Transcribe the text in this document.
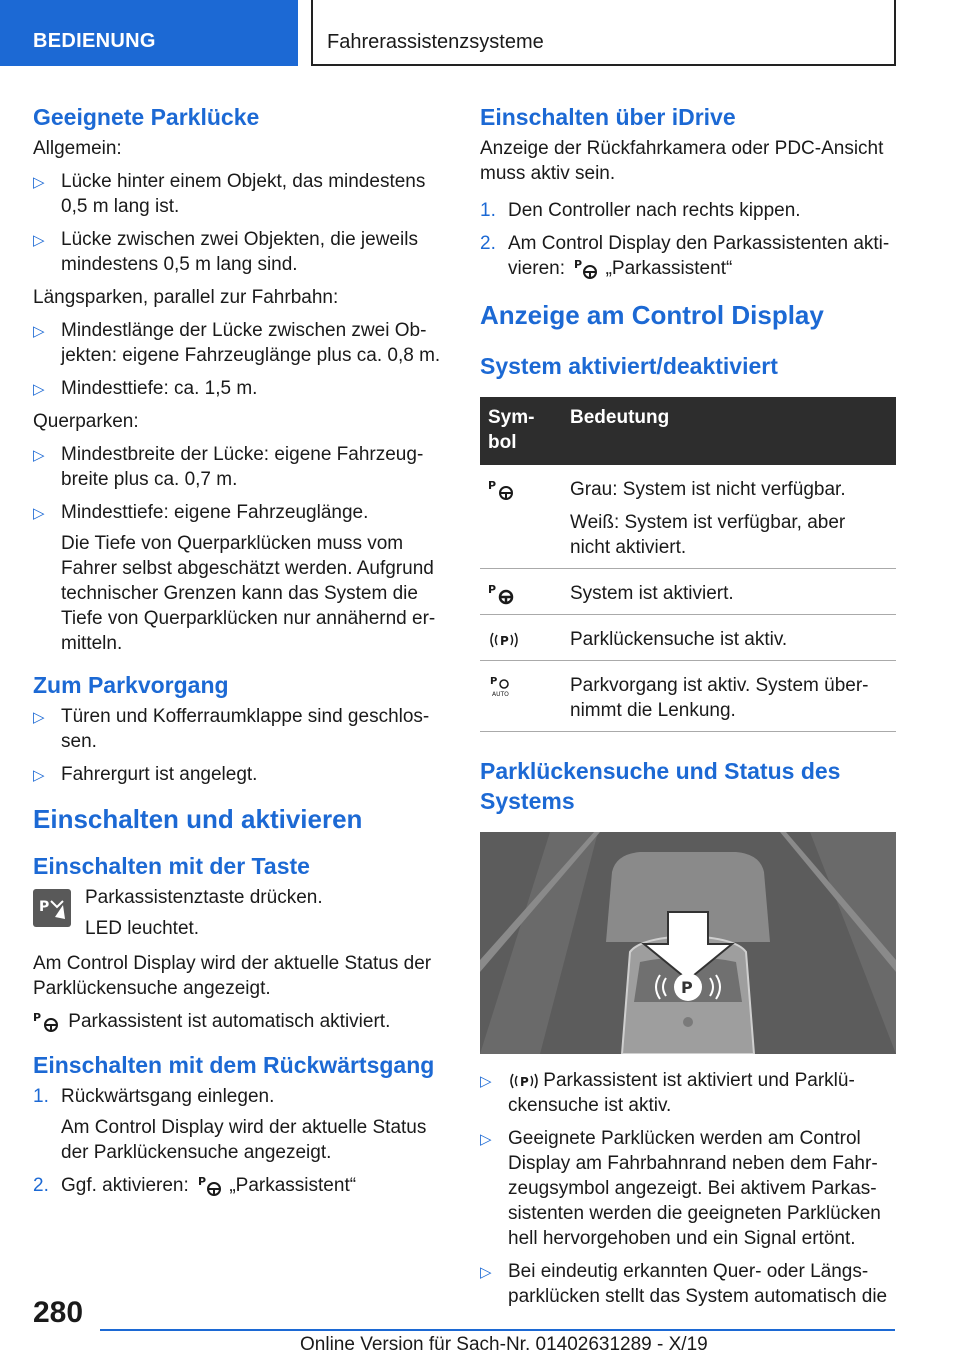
BEDIENUNG	Fahrerassistenzsysteme
Geeignete Parklücke

Allgemein:

▷ Lücke hinter einem Objekt, das mindestens 0,5 m lang ist.
▷ Lücke zwischen zwei Objekten, die jeweils mindestens 0,5 m lang sind.

Längsparken, parallel zur Fahrbahn:

▷ Mindestlänge der Lücke zwischen zwei Objekten: eigene Fahrzeuglänge plus ca. 0,8 m.
▷ Mindesttiefe: ca. 1,5 m.

Querparken:

▷ Mindestbreite der Lücke: eigene Fahrzeugbreite plus ca. 0,7 m.
▷ Mindesttiefe: eigene Fahrzeuglänge.
Die Tiefe von Querparklücken muss vom Fahrer selbst abgeschätzt werden. Aufgrund technischer Grenzen kann das System die Tiefe von Querparklücken nur annähernd ermitteln.
Zum Parkvorgang
▷ Türen und Kofferraumklappe sind geschlossen.
▷ Fahrergurt ist angelegt.
Einschalten und aktivieren
Einschalten mit der Taste
P Parkassistenztaste drücken.

LED leuchtet.

Am Control Display wird der aktuelle Status der Parklückensuche angezeigt.

P Parkassistent ist automatisch aktiviert.

Einschalten mit dem Rückwärtsgang
1. Rückwärtsgang einlegen.
Am Control Display wird der aktuelle Status der Parklückensuche angezeigt.
2. Ggf. aktivieren: P „Parkassistent“
Einschalten über iDrive

Anzeige der Rückfahrkamera oder PDC-Ansicht muss aktiv sein.

1. Den Controller nach rechts kippen.
2. Am Control Display den Parkassistenten aktivieren: P „Parkassistent“
Anzeige am Control Display
System aktiviert/deaktiviert
Symbol	Bedeutung

P	Grau: System ist nicht verfügbar.

Weiß: System ist verfügbar, aber nicht aktiviert.

P	System ist aktiviert.

P	Parklückensuche ist aktiv.

P
AUTO	Parkvorgang ist aktiv. System übernimmt die Lenkung.

Parklückensuche und Status des Systems
P
▷ P Parkassistent ist aktiviert und Parklückensuche ist aktiv.
▷ Geeignete Parklücken werden am Control Display am Fahrbahnrand neben dem Fahrzeugsymbol angezeigt. Bei aktivem Parkassistenten werden die geeigneten Parklücken hell hervorgehoben und ein Signal ertönt.
▷ Bei eindeutig erkannten Quer- oder Längsparklücken stellt das System automatisch die
280
Online Version für Sach-Nr. 01402631289 - X/19
